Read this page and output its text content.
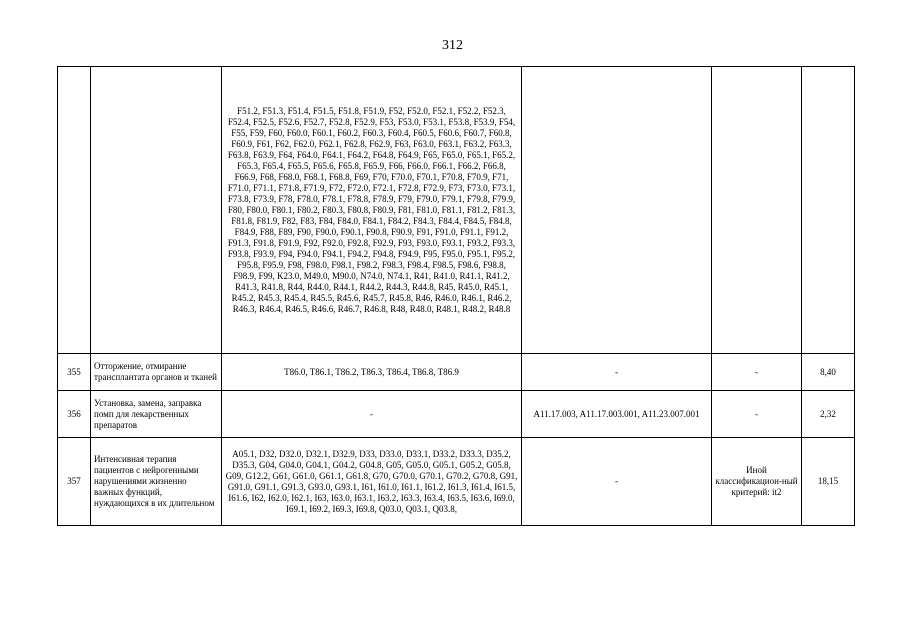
312
		F51.2, F51.3, F51.4, F51.5, F51.8, F51.9, F52, F52.0, F52.1, F52.2, F52.3, F52.4, F52.5, F52.6, F52.7, F52.8, F52.9, F53, F53.0, F53.1, F53.8, F53.9, F54, F55, F59, F60, F60.0, F60.1, F60.2, F60.3, F60.4, F60.5, F60.6, F60.7, F60.8, F60.9, F61, F62, F62.0, F62.1, F62.8, F62.9, F63, F63.0, F63.1, F63.2, F63.3, F63.8, F63.9, F64, F64.0, F64.1, F64.2, F64.8, F64.9, F65, F65.0, F65.1, F65.2, F65.3, F65.4, F65.5, F65.6, F65.8, F65.9, F66, F66.0, F66.1, F66.2, F66.8, F66.9, F68, F68.0, F68.1, F68.8, F69, F70, F70.0, F70.1, F70.8, F70.9, F71, F71.0, F71.1, F71.8, F71.9, F72, F72.0, F72.1, F72.8, F72.9, F73, F73.0, F73.1, F73.8, F73.9, F78, F78.0, F78.1, F78.8, F78.9, F79, F79.0, F79.1, F79.8, F79.9, F80, F80.0, F80.1, F80.2, F80.3, F80.8, F80.9, F81, F81.0, F81.1, F81.2, F81.3, F81.8, F81.9, F82, F83, F84, F84.0, F84.1, F84.2, F84.3, F84.4, F84.5, F84.8, F84.9, F88, F89, F90, F90.0, F90.1, F90.8, F90.9, F91, F91.0, F91.1, F91.2, F91.3, F91.8, F91.9, F92, F92.0, F92.8, F92.9, F93, F93.0, F93.1, F93.2, F93.3, F93.8, F93.9, F94, F94.0, F94.1, F94.2, F94.8, F94.9, F95, F95.0, F95.1, F95.2, F95.8, F95.9, F98, F98.0, F98.1, F98.2, F98.3, F98.4, F98.5, F98.6, F98.8, F98.9, F99, K23.0, M49.0, M90.0, N74.0, N74.1, R41, R41.0, R41.1, R41.2, R41.3, R41.8, R44, R44.0, R44.1, R44.2, R44.3, R44.8, R45, R45.0, R45.1, R45.2, R45.3, R45.4, R45.5, R45.6, R45.7, R45.8, R46, R46.0, R46.1, R46.2, R46.3, R46.4, R46.5, R46.6, R46.7, R46.8, R48, R48.0, R48.1, R48.2, R48.8			
355	Отторжение, отмирание трансплантата органов и тканей	T86.0, T86.1, T86.2, T86.3, T86.4, T86.8, T86.9	-	-	8,40
356	Установка, замена, заправка помп для лекарственных препаратов	-	A11.17.003, A11.17.003.001, A11.23.007.001	-	2,32
357	Интенсивная терапия пациентов с нейрогенными нарушениями жизненно важных функций, нуждающихся в их длительном	A05.1, D32, D32.0, D32.1, D32.9, D33, D33.0, D33.1, D33.2, D33.3, D35.2, D35.3, G04, G04.0, G04.1, G04.2, G04.8, G05, G05.0, G05.1, G05.2, G05.8, G09, G12.2, G61, G61.0, G61.1, G61.8, G70, G70.0, G70.1, G70.2, G70.8, G91, G91.0, G91.1, G91.3, G93.0, G93.1, I61, I61.0, I61.1, I61.2, I61.3, I61.4, I61.5, I61.6, I62, I62.0, I62.1, I63, I63.0, I63.1, I63.2, I63.3, I63.4, I63.5, I63.6, I69.0, I69.1, I69.2, I69.3, I69.8, Q03.0, Q03.1, Q03.8,	-	Иной классификацион-ный критерий: it2	18,15
